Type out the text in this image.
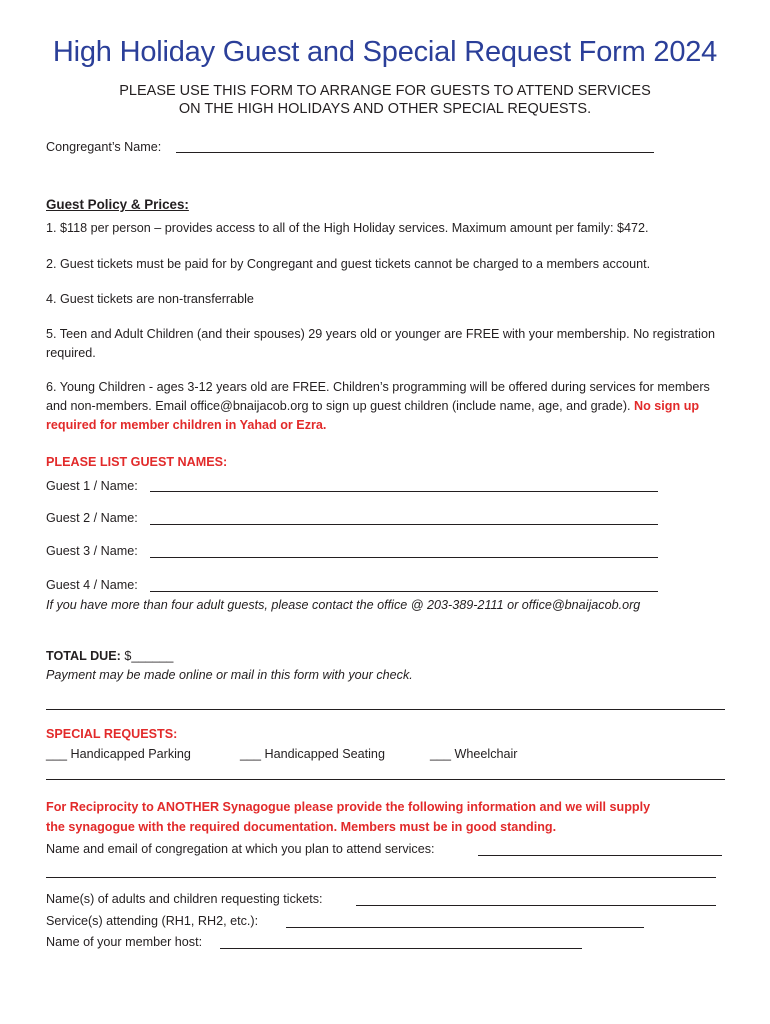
High Holiday Guest and Special Request Form 2024
PLEASE USE THIS FORM TO ARRANGE FOR GUESTS TO ATTEND SERVICES
ON THE HIGH HOLIDAYS AND OTHER SPECIAL REQUESTS.
Congregant’s Name:
Guest Policy & Prices:
1. $118 per person – provides access to all of the High Holiday services. Maximum amount per family: $472.
2. Guest tickets must be paid for by Congregant and guest tickets cannot be charged to a members account.
4. Guest tickets are non-transferrable
5. Teen and Adult Children (and their spouses) 29 years old or younger are FREE with your membership. No registration required.
6. Young Children - ages 3-12 years old are FREE. Children’s programming will be offered during services for members and non-members. Email office@bnaijacob.org to sign up guest children (include name, age, and grade). No sign up required for member children in Yahad or Ezra.
PLEASE LIST GUEST NAMES:
Guest 1 / Name:
Guest 2 / Name:
Guest 3 / Name:
Guest 4 / Name:
If you have more than four adult guests, please contact the office @ 203-389-2111 or office@bnaijacob.org
TOTAL DUE: $______
Payment may be made online or mail in this form with your check.
SPECIAL REQUESTS:
___ Handicapped Parking	___ Handicapped Seating	___ Wheelchair
For Reciprocity to ANOTHER Synagogue please provide the following information and we will supply
the synagogue with the required documentation. Members must be in good standing.
Name and email of congregation at which you plan to attend services:
Name(s) of adults and children requesting tickets:
Service(s) attending (RH1, RH2, etc.):
Name of your member host:
